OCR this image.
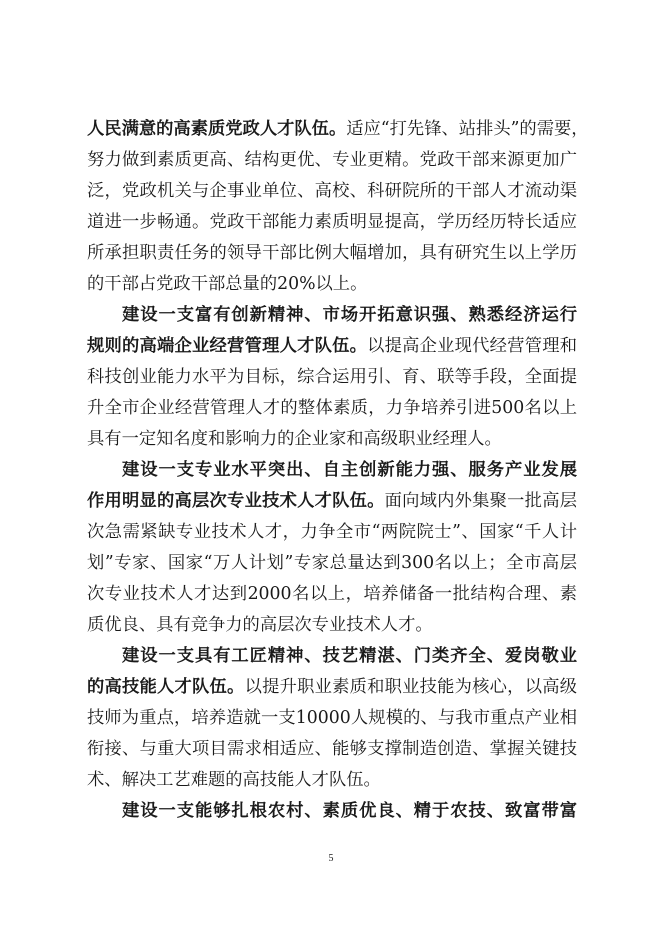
人民满意的高素质党政人才队伍。适应“打先锋、站排头”的需要，
努力做到素质更高、结构更优、专业更精。党政干部来源更加广
泛，党政机关与企事业单位、高校、科研院所的干部人才流动渠
道进一步畅通。党政干部能力素质明显提高，学历经历特长适应
所承担职责任务的领导干部比例大幅增加，具有研究生以上学历
的干部占党政干部总量的20%以上。
建设一支富有创新精神、市场开拓意识强、熟悉经济运行
规则的高端企业经营管理人才队伍。以提高企业现代经营管理和
科技创业能力水平为目标，综合运用引、育、联等手段，全面提
升全市企业经营管理人才的整体素质，力争培养引进500名以上
具有一定知名度和影响力的企业家和高级职业经理人。
建设一支专业水平突出、自主创新能力强、服务产业发展
作用明显的高层次专业技术人才队伍。面向域内外集聚一批高层
次急需紧缺专业技术人才，力争全市“两院院士”、国家“千人计
划”专家、国家“万人计划”专家总量达到300名以上；全市高层
次专业技术人才达到2000名以上，培养储备一批结构合理、素
质优良、具有竞争力的高层次专业技术人才。
建设一支具有工匠精神、技艺精湛、门类齐全、爱岗敬业
的高技能人才队伍。以提升职业素质和职业技能为核心，以高级
技师为重点，培养造就一支10000人规模的、与我市重点产业相
衔接、与重大项目需求相适应、能够支撑制造创造、掌握关键技
术、解决工艺难题的高技能人才队伍。
建设一支能够扎根农村、素质优良、精于农技、致富带富
5
